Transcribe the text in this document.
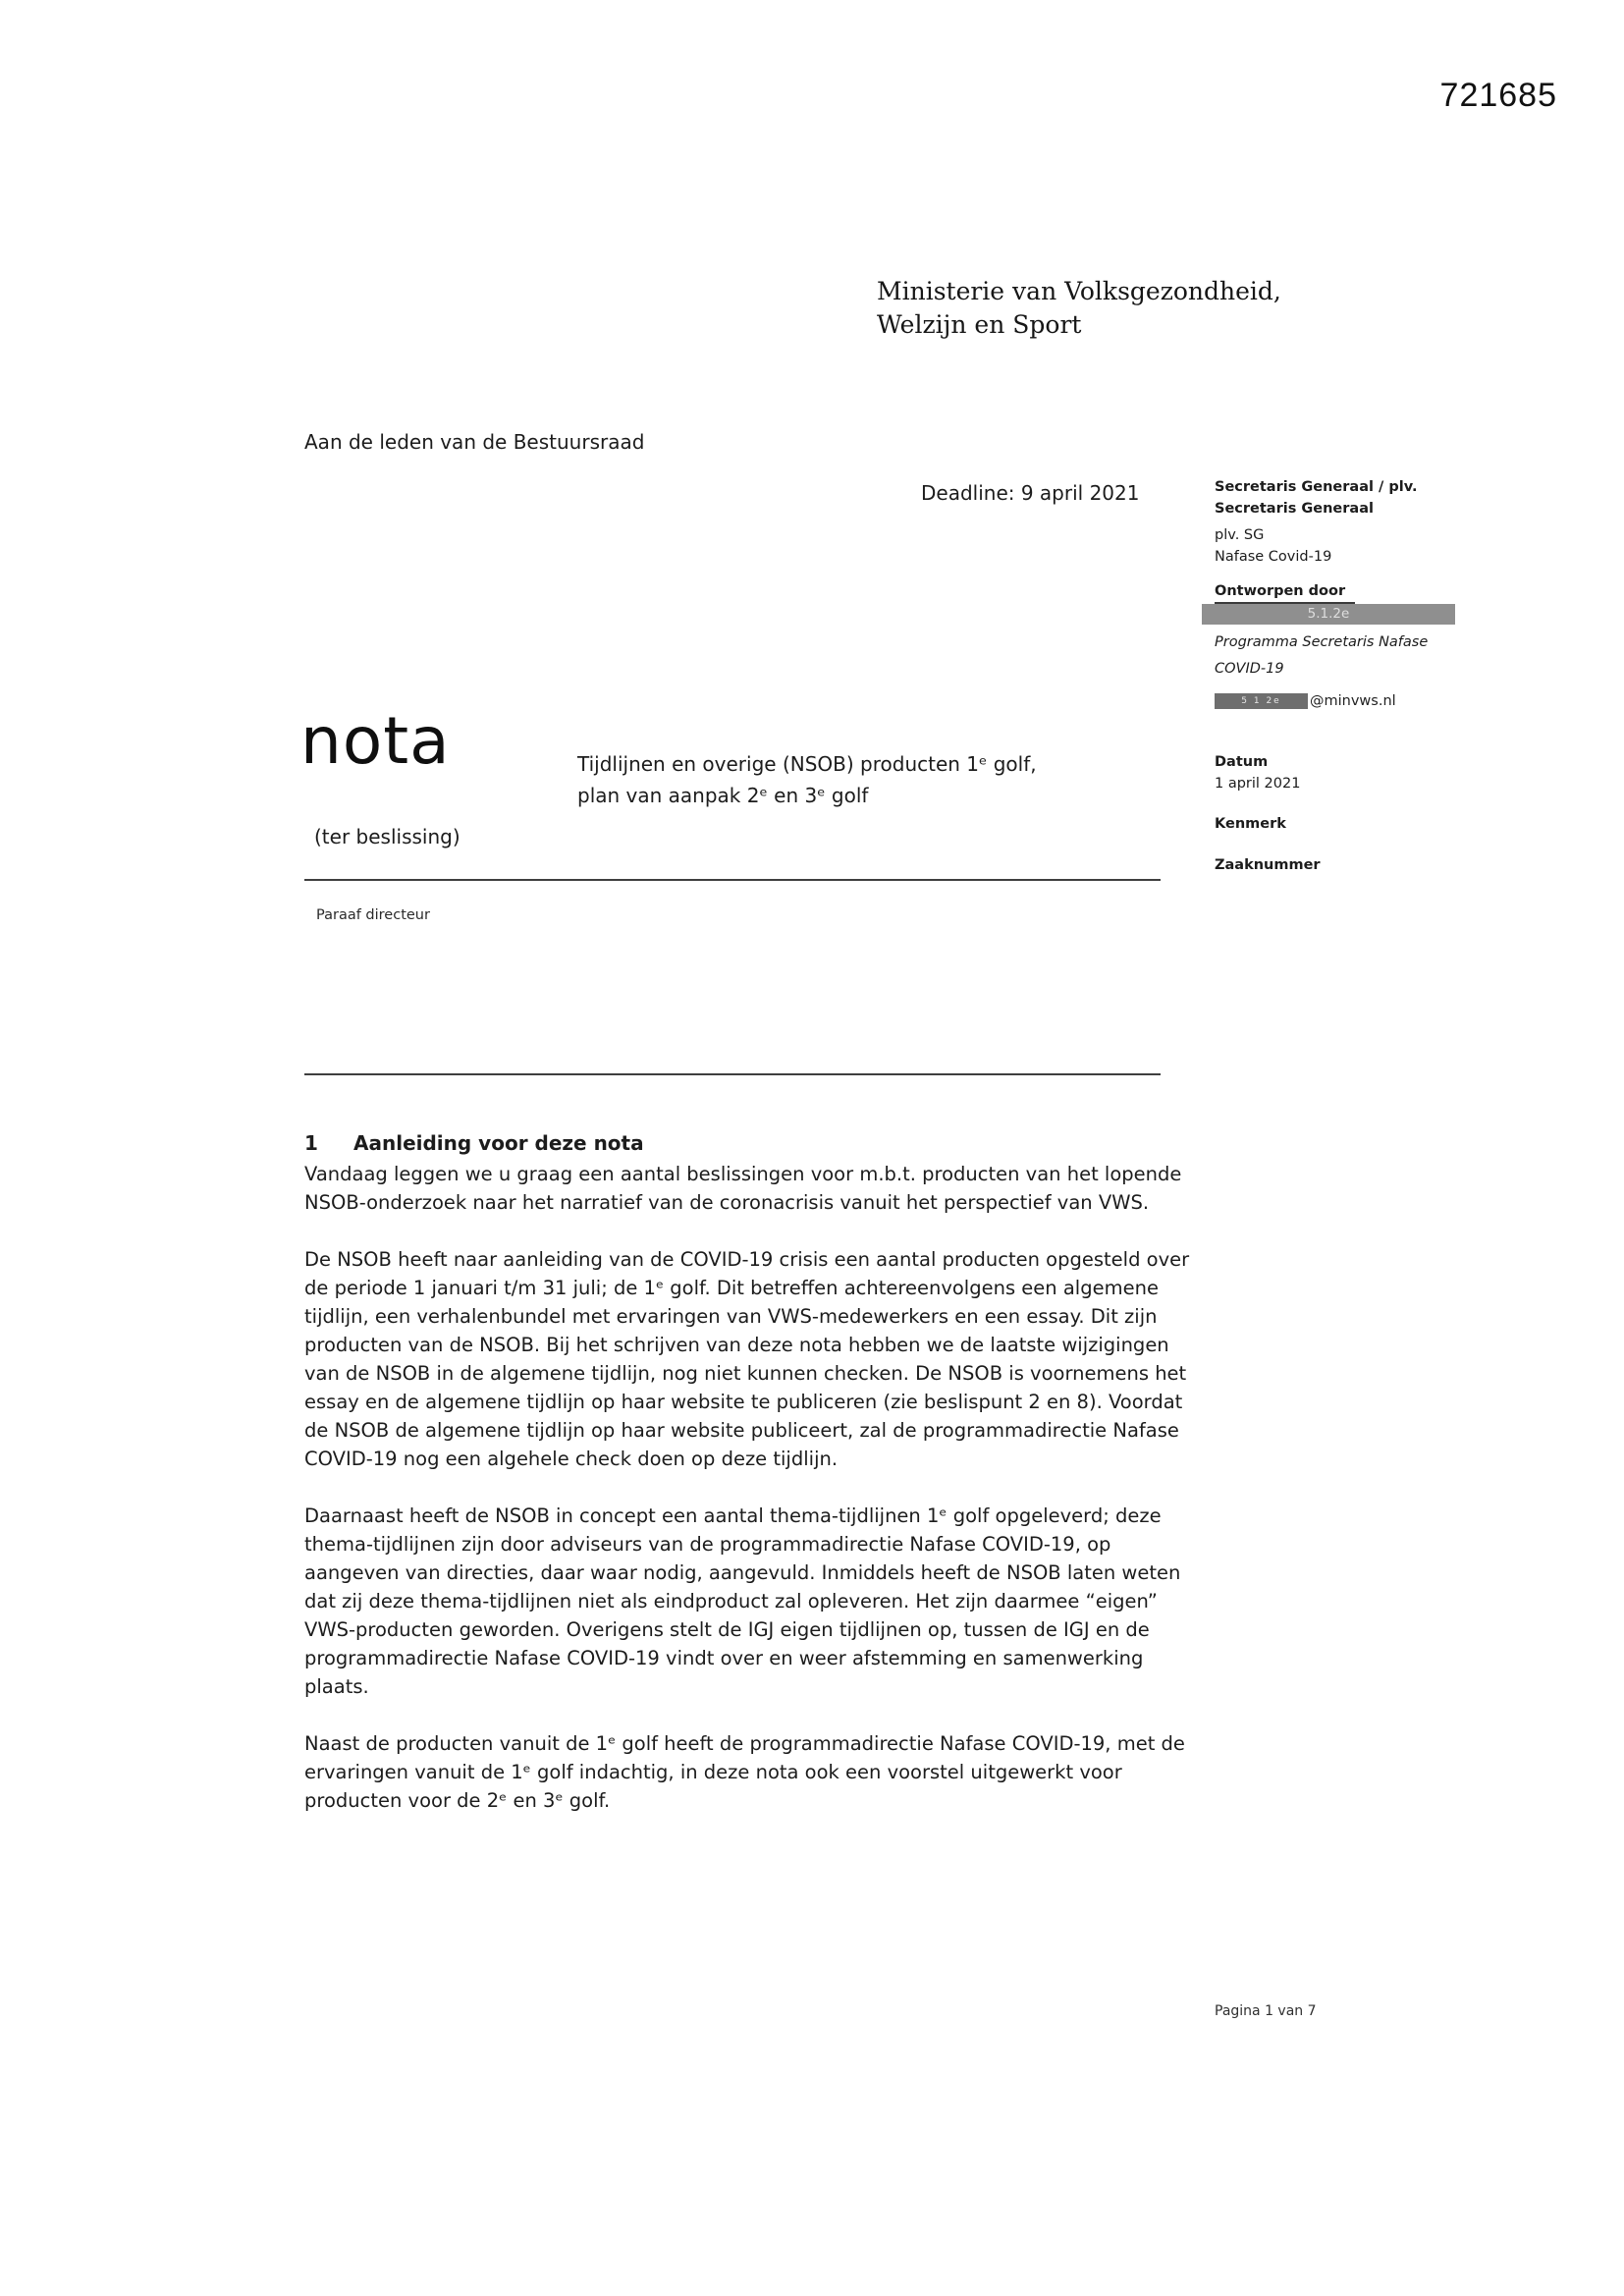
721685
Ministerie van Volksgezondheid,
Welzijn en Sport
Aan de leden van de Bestuursraad
Deadline: 9 april 2021	Secretaris Generaal / plv.
Secretaris Generaal
plv. SG
Nafase Covid-19
Ontworpen door
5.1.2e
Programma Secretaris Nafase
COVID-19
5 1 2e	@minvws.nl
Datum
1 april 2021
Kenmerk
Zaaknummer
nota	Tijdlijnen en overige (NSOB) producten 1ᵉ golf,
plan van aanpak 2ᵉ en 3ᵉ golf
(ter beslissing)
Paraaf directeur
1	Aanleiding voor deze nota

Vandaag leggen we u graag een aantal beslissingen voor m.b.t. producten van het lopende NSOB-onderzoek naar het narratief van de coronacrisis vanuit het perspectief van VWS.

De NSOB heeft naar aanleiding van de COVID-19 crisis een aantal producten opgesteld over de periode 1 januari t/m 31 juli; de 1ᵉ golf. Dit betreffen achtereenvolgens een algemene tijdlijn, een verhalenbundel met ervaringen van VWS-medewerkers en een essay. Dit zijn producten van de NSOB. Bij het schrijven van deze nota hebben we de laatste wijzigingen van de NSOB in de algemene tijdlijn, nog niet kunnen checken. De NSOB is voornemens het essay en de algemene tijdlijn op haar website te publiceren (zie beslispunt 2 en 8). Voordat de NSOB de algemene tijdlijn op haar website publiceert, zal de programmadirectie Nafase COVID-19 nog een algehele check doen op deze tijdlijn.

Daarnaast heeft de NSOB in concept een aantal thema-tijdlijnen 1ᵉ golf opgeleverd; deze thema-tijdlijnen zijn door adviseurs van de programmadirectie Nafase COVID-19, op aangeven van directies, daar waar nodig, aangevuld. Inmiddels heeft de NSOB laten weten dat zij deze thema-tijdlijnen niet als eindproduct zal opleveren. Het zijn daarmee “eigen” VWS-producten geworden. Overigens stelt de IGJ eigen tijdlijnen op, tussen de IGJ en de programmadirectie Nafase COVID-19 vindt over en weer afstemming en samenwerking plaats.

Naast de producten vanuit de 1ᵉ golf heeft de programmadirectie Nafase COVID-19, met de ervaringen vanuit de 1ᵉ golf indachtig, in deze nota ook een voorstel uitgewerkt voor producten voor de 2ᵉ en 3ᵉ golf.

Pagina 1 van 7
